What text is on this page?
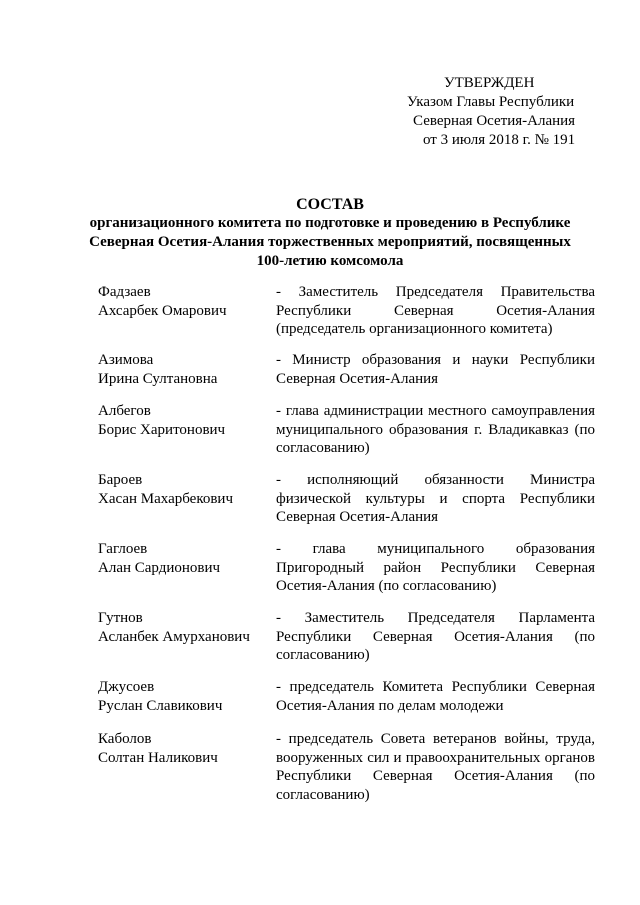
УТВЕРЖДЕН
Указом Главы Республики
Северная Осетия-Алания
от 3 июля 2018 г. № 191
СОСТАВ
организационного комитета по подготовке и проведению в Республике
Северная Осетия-Алания торжественных мероприятий, посвященных
100-летию комсомола
Фадзаев
Ахсарбек Омарович
- Заместитель Председателя Правительства Республики Северная Осетия-Алания (председатель организационного комитета)
Азимова
Ирина Султановна
- Министр образования и науки Республики Северная Осетия-Алания
Албегов
Борис Харитонович
- глава администрации местного самоуправления муниципального образования г. Владикавказ (по согласованию)
Бароев
Хасан Махарбекович
- исполняющий обязанности Министра физической культуры и спорта Республики Северная Осетия-Алания
Гаглоев
Алан Сардионович
- глава муниципального образования Пригородный район Республики Северная Осетия-Алания (по согласованию)
Гутнов
Асланбек Амурханович
- Заместитель Председателя Парламента Республики Северная Осетия-Алания (по согласованию)
Джусоев
Руслан Славикович
- председатель Комитета Республики Северная Осетия-Алания по делам молодежи
Каболов
Солтан Наликович
- председатель Совета ветеранов войны, труда, вооруженных сил и правоохранительных органов Республики Северная Осетия-Алания (по согласованию)
